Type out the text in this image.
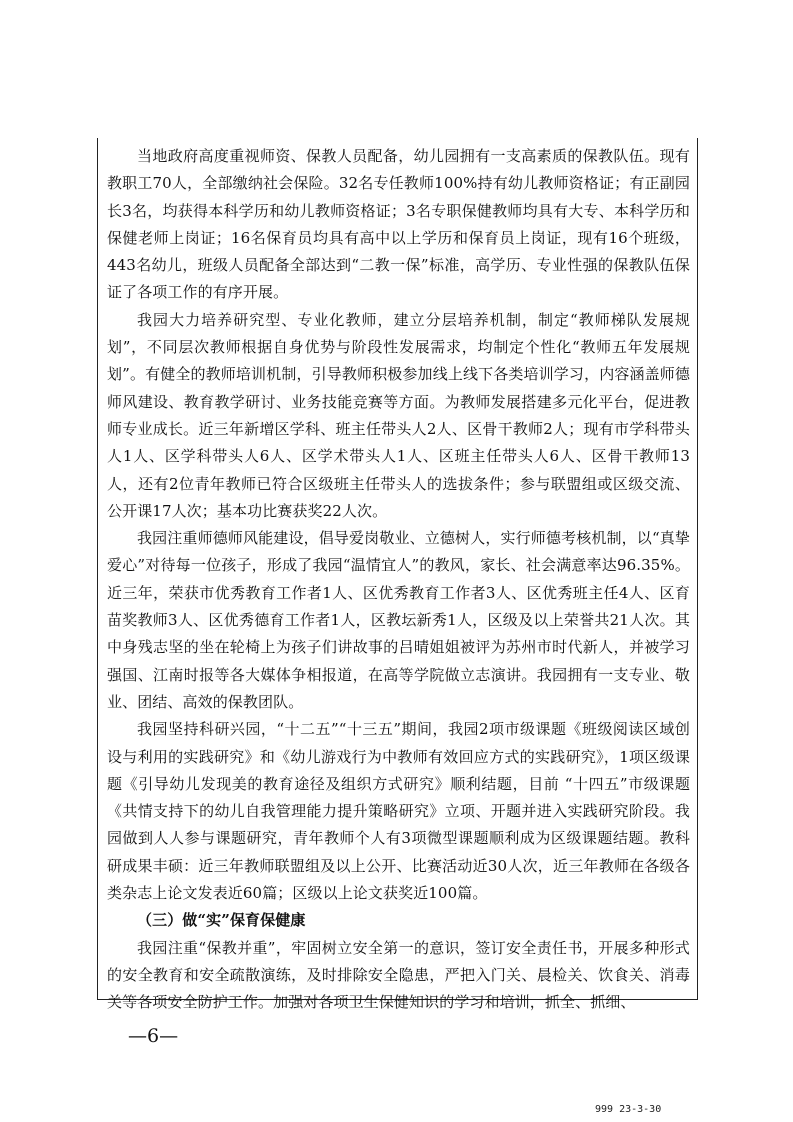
当地政府高度重视师资、保教人员配备，幼儿园拥有一支高素质的保教队伍。现有教职工70人，全部缴纳社会保险。32名专任教师100%持有幼儿教师资格证；有正副园长3名，均获得本科学历和幼儿教师资格证；3名专职保健教师均具有大专、本科学历和保健老师上岗证；16名保育员均具有高中以上学历和保育员上岗证，现有16个班级，443名幼儿，班级人员配备全部达到“二教一保”标准，高学历、专业性强的保教队伍保证了各项工作的有序开展。

我园大力培养研究型、专业化教师，建立分层培养机制，制定“教师梯队发展规划”，不同层次教师根据自身优势与阶段性发展需求，均制定个性化“教师五年发展规划”。有健全的教师培训机制，引导教师积极参加线上线下各类培训学习，内容涵盖师德师风建设、教育教学研讨、业务技能竞赛等方面。为教师发展搭建多元化平台，促进教师专业成长。近三年新增区学科、班主任带头人2人、区骨干教师2人；现有市学科带头人1人、区学科带头人6人、区学术带头人1人、区班主任带头人6人、区骨干教师13人，还有2位青年教师已符合区级班主任带头人的选拔条件；参与联盟组或区级交流、公开课17人次；基本功比赛获奖22人次。

我园注重师德师风能建设，倡导爱岗敬业、立德树人，实行师德考核机制，以“真挚爱心”对待每一位孩子，形成了我园“温情宜人”的教风，家长、社会满意率达96.35%。近三年，荣获市优秀教育工作者1人、区优秀教育工作者3人、区优秀班主任4人、区育苗奖教师3人、区优秀德育工作者1人，区教坛新秀1人，区级及以上荣誉共21人次。其中身残志坚的坐在轮椅上为孩子们讲故事的吕晴姐姐被评为苏州市时代新人，并被学习强国、江南时报等各大媒体争相报道，在高等学院做立志演讲。我园拥有一支专业、敬业、团结、高效的保教团队。

我园坚持科研兴园，“十二五”“十三五”期间，我园2项市级课题《班级阅读区域创设与利用的实践研究》和《幼儿游戏行为中教师有效回应方式的实践研究》，1项区级课题《引导幼儿发现美的教育途径及组织方式研究》顺利结题，目前 “十四五”市级课题《共情支持下的幼儿自我管理能力提升策略研究》立项、开题并进入实践研究阶段。我园做到人人参与课题研究，青年教师个人有3项微型课题顺利成为区级课题结题。教科研成果丰硕：近三年教师联盟组及以上公开、比赛活动近30人次，近三年教师在各级各类杂志上论文发表近60篇；区级以上论文获奖近100篇。

（三）做“实”保育保健康

我园注重“保教并重”，牢固树立安全第一的意识，签订安全责任书，开展多种形式的安全教育和安全疏散演练，及时排除安全隐患，严把入门关、晨检关、饮食关、消毒关等各项安全防护工作。加强对各项卫生保健知识的学习和培训，抓全、抓细、

—6—
999 23-3-30
